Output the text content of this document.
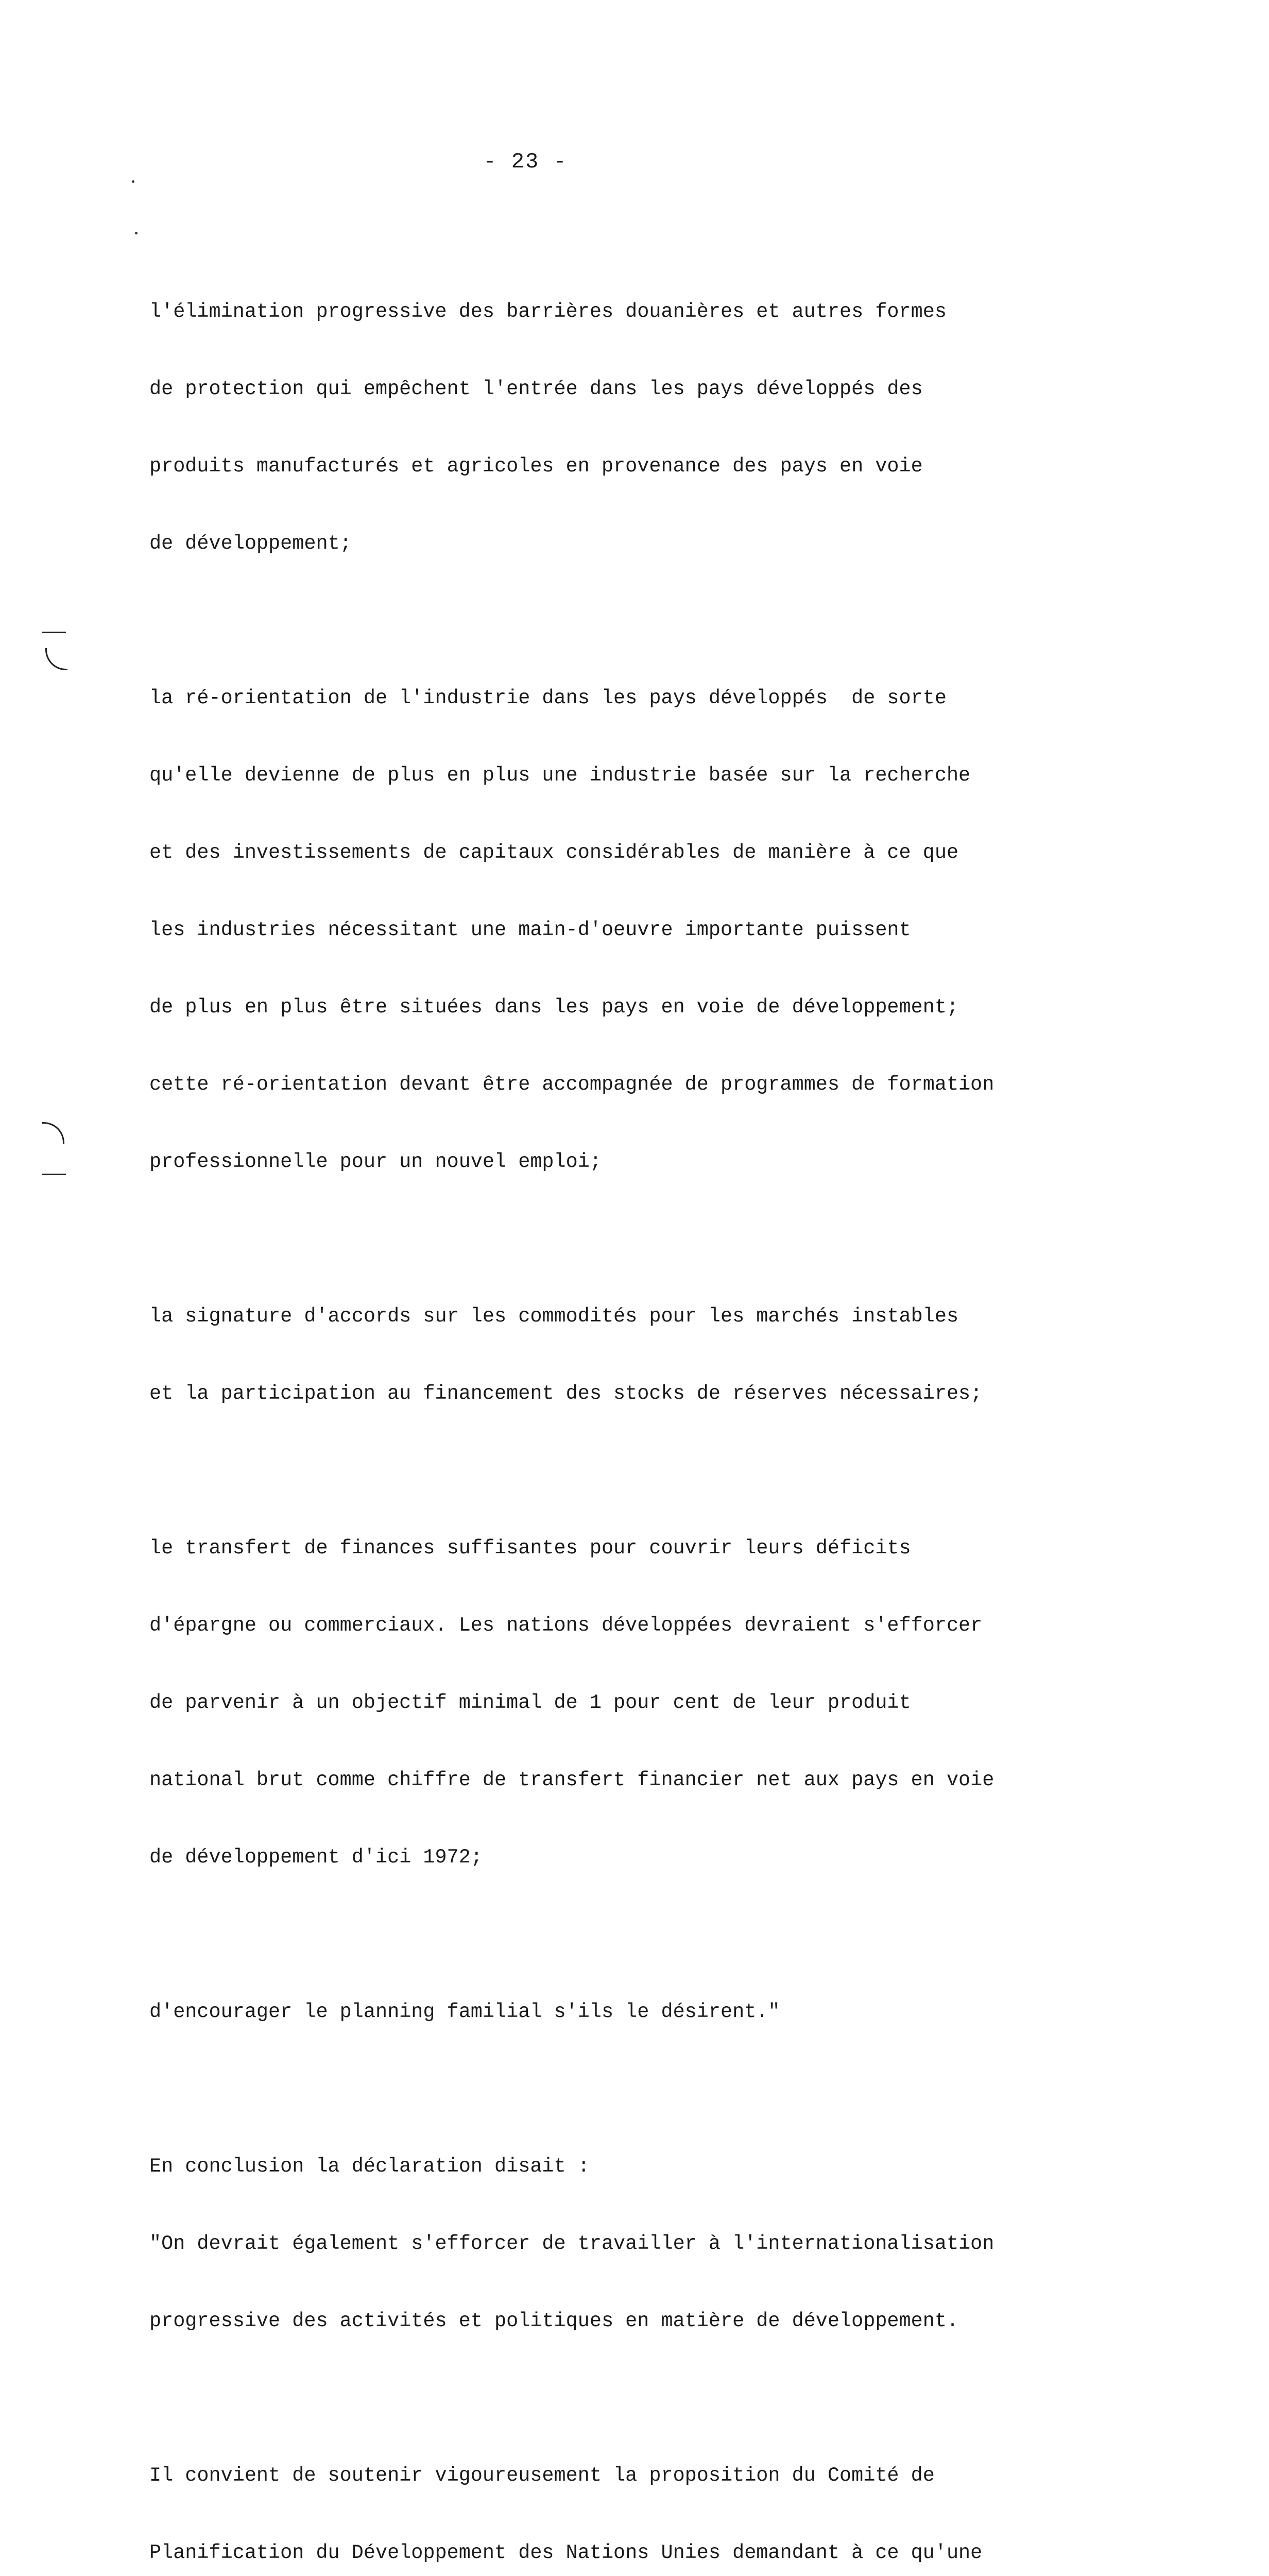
- 23 -

l'élimination progressive des barrières douanières et autres formes

de protection qui empêchent l'entrée dans les pays développés des

produits manufacturés et agricoles en provenance des pays en voie

de développement;

la ré-orientation de l'industrie dans les pays développés  de sorte

qu'elle devienne de plus en plus une industrie basée sur la recherche

et des investissements de capitaux considérables de manière à ce que

les industries nécessitant une main-d'oeuvre importante puissent

de plus en plus être situées dans les pays en voie de développement;

cette ré-orientation devant être accompagnée de programmes de formation

professionnelle pour un nouvel emploi;

la signature d'accords sur les commodités pour les marchés instables

et la participation au financement des stocks de réserves nécessaires;

le transfert de finances suffisantes pour couvrir leurs déficits

d'épargne ou commerciaux. Les nations développées devraient s'efforcer

de parvenir à un objectif minimal de 1 pour cent de leur produit

national brut comme chiffre de transfert financier net aux pays en voie

de développement d'ici 1972;

d'encourager le planning familial s'ils le désirent."

En conclusion la déclaration disait :

"On devrait également s'efforcer de travailler à l'internationalisation

progressive des activités et politiques en matière de développement.

Il convient de soutenir vigoureusement la proposition du Comité de

Planification du Développement des Nations Unies demandant à ce qu'une
